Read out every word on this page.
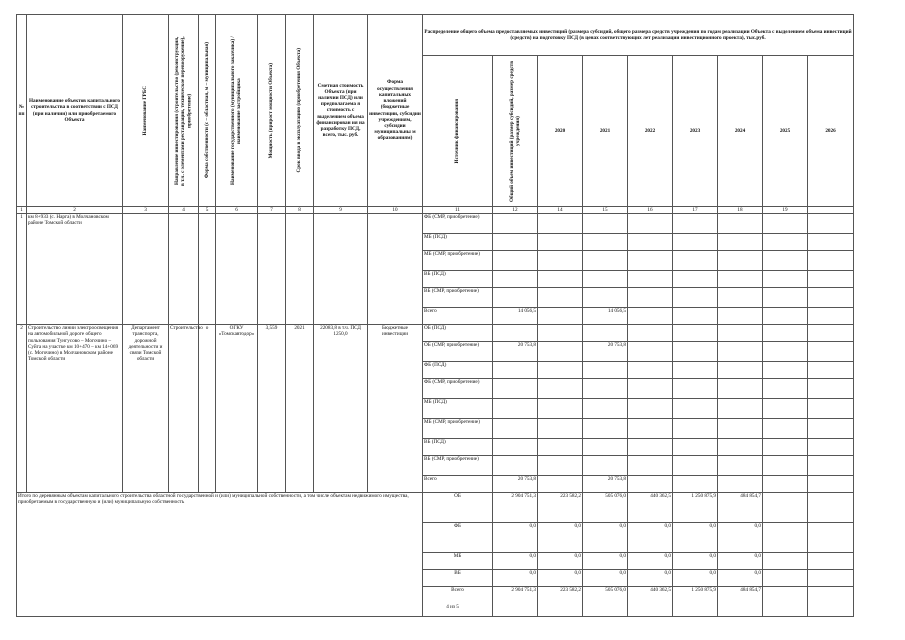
№ пп	Наименование объектов капитального строительства в соответствии с ПСД (при наличии) или приобретаемого Объекта	Наименование ГРБС	Направление инвестирования (строительство (реконструкция, в т.ч. с элементами реставрации, техническое перевооружение), приобретение)	Форма собственности (с – областная, м – муниципальная)	Наименование государственного (муниципального заказчика) / наименование застройщика	Мощность (прирост мощности Объекта)	Срок ввода в эксплуатацию (приобретения Объекта)	Сметная стоимость Объекта (при наличии ПСД) или предполагаема я стоимость с выделением объема финансирован ия на разработку ПСД, всего, тыс. руб.	Форма осуществления капитальных вложений (бюджетные инвестиции, субсидии учреждениям, субсидии муниципальны м образованиям)	Распределение общего объема предоставляемых инвестиций (размера субсидий, общего размера средств учреждения по годам реализации Объекта с выделением объема инвестиций (средств) на подготовку ПСД (в ценах соответствующих лет реализации инвестиционного проекта), тыс.руб.								

										Источник финансирования	Общий объем инвестиций (размер субсидий, размер средств учреждения)	2020	2021	2022	2023	2024	2025	2026
1	2	3	4	5	6	7	8	9	10	11	12	14	15	16	17	18	19	
1	км 8+933 (с. Нарга) в Молчановском районе Томской области									ФБ (СМР, приобретение)								
										МБ (ПСД)								
										МБ (СМР, приобретение)								
										ВБ (ПСД)								
										ВБ (СМР, приобретение)								
										Всего	14 056,5		14 056,5					
2	Строительство линии электроосвещения на автомобильной дороге общего пользования Тунгусово – Могочино – Суйга на участке км 10+470 – км 14+069 (с. Могочино) в Молчановском районе Томской области	Департамент транспорта, дорожной деятельности и связи Томской области	Строительство	о	ОГКУ «Томскавтодор»	3,559	2021	22083,8 в т.ч. ПСД 1250,0	Бюджетные инвестиции	ОБ (ПСД)								
										ОБ (СМР, приобретение)	20 753,8		20 753,8					
										ФБ (ПСД)								
										ФБ (СМР, приобретение)								
										МБ (ПСД)								
										МБ (СМР, приобретение)								
										ВБ (ПСД)								
										ВБ (СМР, приобретение)								
										Всего	20 753,8		20 753,8					
Итого по деревянным объектам капитального строительства областной государственной и (или) муниципальной собственности, а том числе объектам недвижимого имущества, приобретаемым в государственную и (или) муниципальную собственность										ОБ	2 904 751,3	223 582,2	505 076,0	440 362,5	1 250 875,9	484 854,7		
										ФБ	0,0	0,0	0,0	0,0	0,0	0,0		
										МБ	0,0	0,0	0,0	0,0	0,0	0,0		
										ВБ	0,0	0,0	0,0	0,0	0,0	0,0		
										Всего	2 904 751,3	223 582,2	505 076,0	440 362,5	1 250 875,9	484 854,7		
4 из 5
